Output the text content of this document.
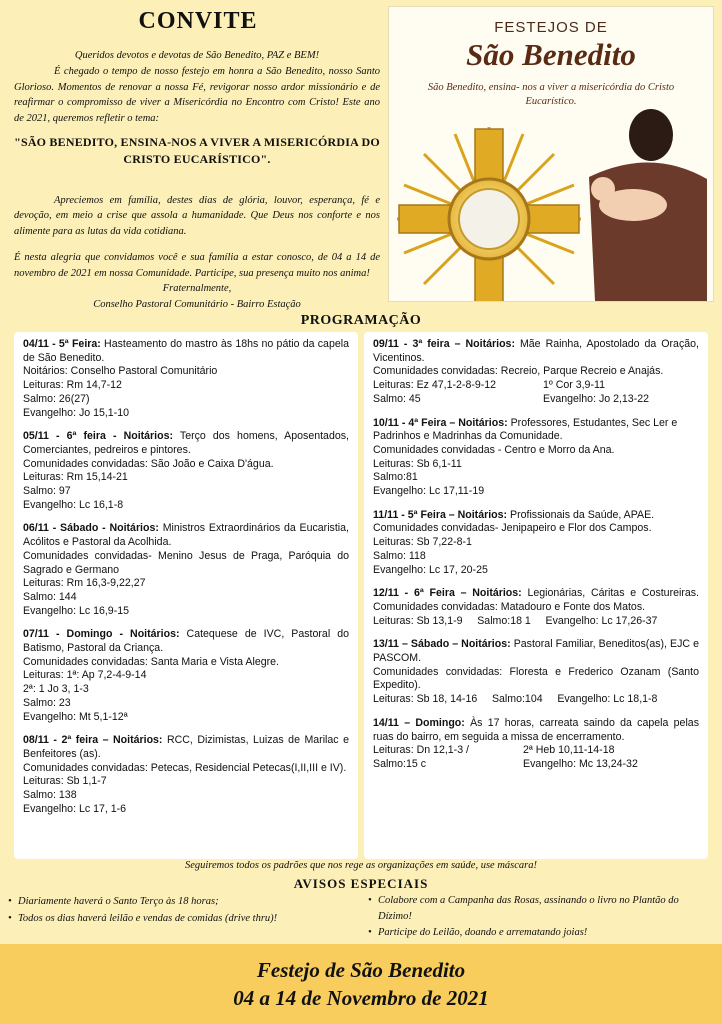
CONVITE

Queridos devotos e devotas de São Benedito, PAZ e BEM!

É chegado o tempo de nosso festejo em honra a São Benedito, nosso Santo Glorioso. Momentos de renovar a nossa Fé, revigorar nosso ardor missionário e de reafirmar o compromisso de viver a Misericórdia no Encontro com Cristo! Este ano de 2021, queremos refletir o tema:

"SÃO BENEDITO, ENSINA-NOS A VIVER A MISERICÓRDIA DO CRISTO EUCARÍSTICO".

Apreciemos em família, destes dias de glória, louvor, esperança, fé e devoção, em meio a crise que assola a humanidade. Que Deus nos conforte e nos alimente para as lutas da vida cotidiana.

É nesta alegria que convidamos você e sua família a estar conosco, de 04 a 14 de novembro de 2021 em nossa Comunidade. Participe, sua presença muito nos anima!

Fraternalmente,
Conselho Pastoral Comunitário - Bairro Estação
FESTEJOS DE
São Benedito
São Benedito, ensina- nos a viver a misericórdia do Cristo Eucarístico.
PROGRAMAÇÃO
04/11 - 5ª Feira: Hasteamento do mastro às 18hs no pátio da capela de São Benedito.
Noitários: Conselho Pastoral Comunitário
Leituras: Rm 14,7-12
Salmo: 26(27)
Evangelho: Jo 15,1-10
05/11 - 6ª feira - Noitários: Terço dos homens, Aposentados, Comerciantes, pedreiros e pintores.
Comunidades convidadas: São João e Caixa D'água.
Leituras: Rm 15,14-21
Salmo: 97
Evangelho: Lc 16,1-8
06/11 - Sábado - Noitários: Ministros Extraordinários da Eucaristia, Acólitos e Pastoral da Acolhida.
Comunidades convidadas- Menino Jesus de Praga, Paróquia do Sagrado e Germano
Leituras: Rm 16,3-9,22,27
Salmo: 144
Evangelho: Lc 16,9-15
07/11 - Domingo - Noitários: Catequese de IVC, Pastoral do Batismo, Pastoral da Criança.
Comunidades convidadas: Santa Maria e Vista Alegre.
Leituras: 1ª: Ap 7,2-4-9-14
2ª: 1 Jo 3, 1-3
Salmo: 23
Evangelho: Mt 5,1-12ª
08/11 - 2ª feira – Noitários: RCC, Dizimistas, Luizas de Marilac e Benfeitores (as).
Comunidades convidadas: Petecas, Residencial Petecas(I,II,III e IV).
Leituras: Sb 1,1-7
Salmo: 138
Evangelho: Lc 17, 1-6
09/11 - 3ª feira – Noitários: Mãe Rainha, Apostolado da Oração, Vicentinos.
Comunidades convidadas: Recreio, Parque Recreio e Anajás.
Leituras: Ez 47,1-2-8-9-12	1º Cor 3,9-11
Salmo: 45	Evangelho: Jo 2,13-22
10/11 - 4ª Feira – Noitários: Professores, Estudantes, Sec Ler e Padrinhos e Madrinhas da Comunidade.
Comunidades convidadas - Centro e Morro da Ana.
Leituras: Sb 6,1-11
Salmo:81
Evangelho: Lc 17,11-19
11/11 - 5ª Feira – Noitários: Profissionais da Saúde, APAE. Comunidades convidadas- Jenipapeiro e Flor dos Campos.
Leituras: Sb 7,22-8-1
Salmo: 118
Evangelho: Lc 17, 20-25
12/11 - 6ª Feira – Noitários: Legionárias, Cáritas e Costureiras. Comunidades convidadas: Matadouro e Fonte dos Matos.
Leituras: Sb 13,1-9     Salmo:18 1     Evangelho: Lc 17,26-37
13/11 – Sábado – Noitários: Pastoral Familiar, Beneditos(as), EJC e PASCOM.
Comunidades convidadas: Floresta e Frederico Ozanam (Santo Expedito).
Leituras: Sb 18, 14-16     Salmo:104     Evangelho: Lc 18,1-8
14/11 – Domingo: Às 17 horas, carreata saindo da capela pelas ruas do bairro, em seguida a missa de encerramento.
Leituras: Dn 12,1-3 /	2ª Heb 10,11-14-18
Salmo:15 c	Evangelho: Mc 13,24-32
Seguiremos todos os padrões que nos rege as organizações em saúde, use máscara!
AVISOS ESPECIAIS
• Diariamente haverá o Santo Terço às 18 horas;
• Todos os dias haverá leilão e vendas de comidas (drive thru)!
• Colabore com a Campanha das Rosas, assinando o livro no Plantão do Dízimo!
• Participe do Leilão, doando e arrematando joias!
Festejo de São Benedito
04 a 14 de Novembro de 2021
